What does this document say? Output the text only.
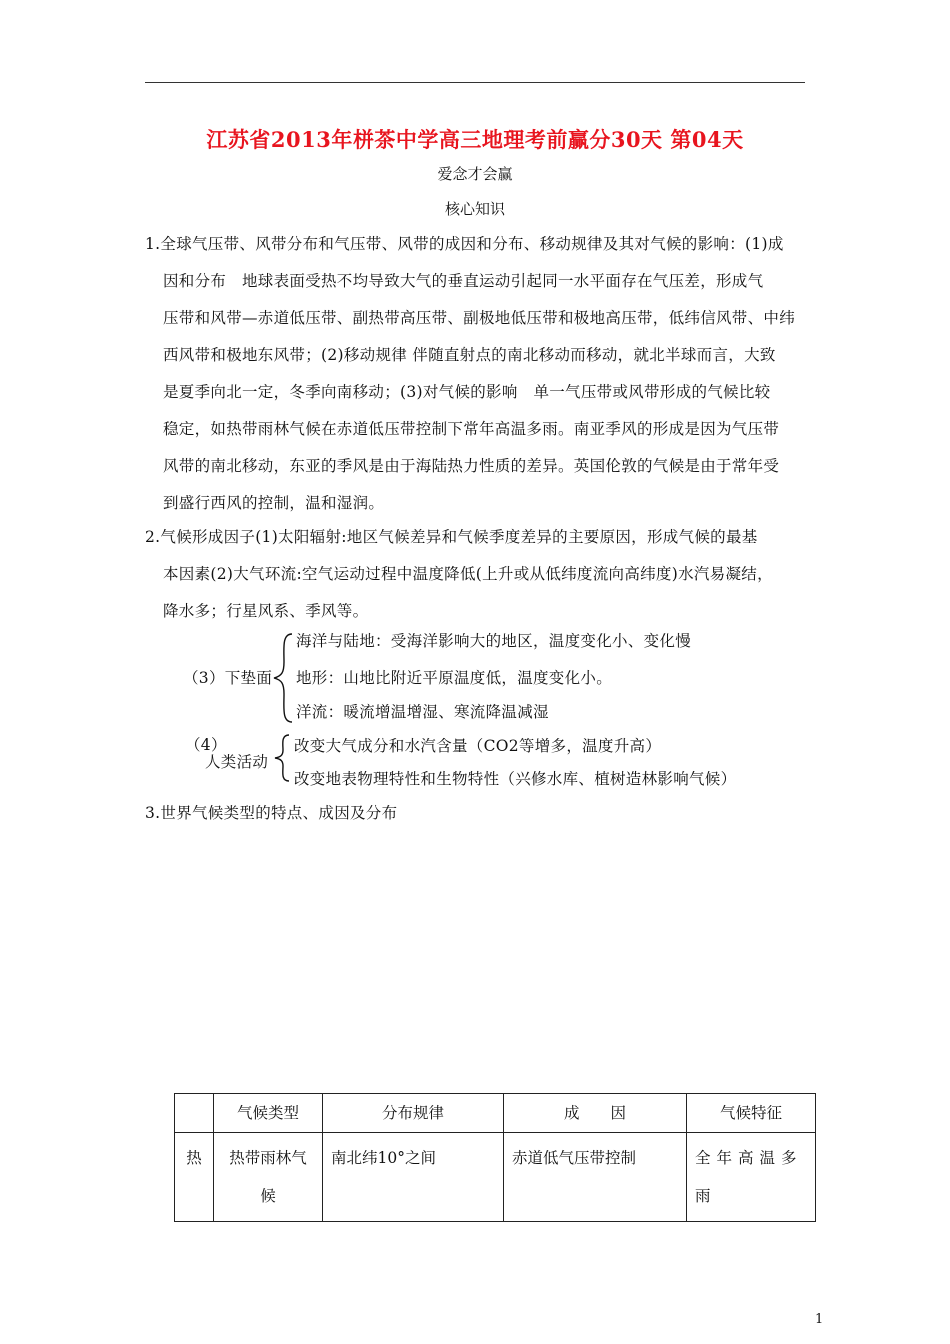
江苏省2013年栟茶中学高三地理考前赢分30天 第04天
爱念才会赢
核心知识
1.全球气压带、风带分布和气压带、风带的成因和分布、移动规律及其对气候的影响：(1)成
因和分布　地球表面受热不均导致大气的垂直运动引起同一水平面存在气压差，形成气
压带和风带—赤道低压带、副热带高压带、副极地低压带和极地高压带，低纬信风带、中纬
西风带和极地东风带；(2)移动规律 伴随直射点的南北移动而移动，就北半球而言，大致
是夏季向北一定，冬季向南移动；(3)对气候的影响　单一气压带或风带形成的气候比较
稳定，如热带雨林气候在赤道低压带控制下常年高温多雨。南亚季风的形成是因为气压带
风带的南北移动，东亚的季风是由于海陆热力性质的差异。英国伦敦的气候是由于常年受
到盛行西风的控制，温和湿润。
2.气候形成因子(1)太阳辐射:地区气候差异和气候季度差异的主要原因，形成气候的最基
本因素(2)大气环流:空气运动过程中温度降低(上升或从低纬度流向高纬度)水汽易凝结，
降水多；行星风系、季风等。
（3）下垫面
海洋与陆地：受海洋影响大的地区，温度变化小、变化慢
地形：山地比附近平原温度低，温度变化小。
洋流：暖流增温增湿、寒流降温减湿
（4）
人类活动
改变大气成分和水汽含量（CO2等增多，温度升高）
改变地表物理特性和生物特性（兴修水库、植树造林影响气候）
3.世界气候类型的特点、成因及分布
	气候类型	分布规律	成　　因	气候特征
热	热带雨林气候	南北纬10°之间	赤道低气压带控制	全年高温多雨
1
